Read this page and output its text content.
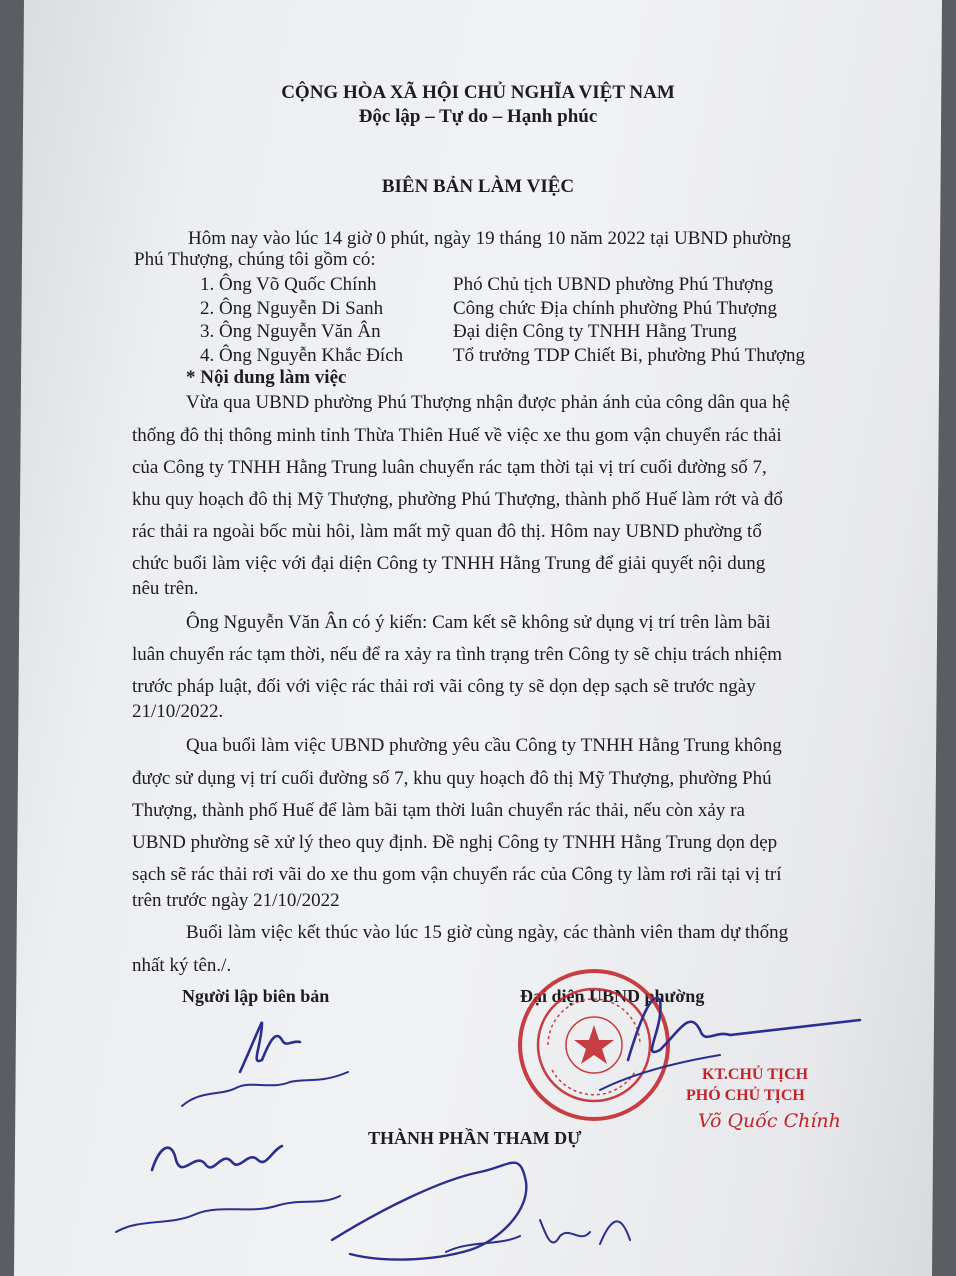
CỘNG HÒA XÃ HỘI CHỦ NGHĨA VIỆT NAM
Độc lập – Tự do – Hạnh phúc
BIÊN BẢN LÀM VIỆC
Hôm nay vào lúc 14 giờ 0 phút, ngày 19 tháng 10 năm 2022 tại UBND phường
Phú Thượng, chúng tôi gồm có:
1. Ông Võ Quốc Chính	Phó Chủ tịch UBND phường Phú Thượng
2. Ông Nguyễn Di Sanh	Công chức Địa chính phường Phú Thượng
3. Ông Nguyễn Văn Ân	Đại diện Công ty TNHH Hằng Trung
4. Ông Nguyễn Khắc Đích	Tổ trưởng TDP Chiết Bi, phường Phú Thượng
* Nội dung làm việc
Vừa qua UBND phường Phú Thượng nhận được phản ánh của công dân qua hệ
thống đô thị thông minh tỉnh Thừa Thiên Huế về việc xe thu gom vận chuyển rác thải
của Công ty TNHH Hằng Trung luân chuyển rác tạm thời tại vị trí cuối đường số 7,
khu quy hoạch đô thị Mỹ Thượng, phường Phú Thượng, thành phố Huế làm rớt và đổ
rác thải ra ngoài bốc mùi hôi, làm mất mỹ quan đô thị. Hôm nay UBND phường tổ
chức buổi làm việc với đại diện Công ty TNHH Hằng Trung để giải quyết nội dung
nêu trên.
Ông Nguyễn Văn Ân có ý kiến: Cam kết sẽ không sử dụng vị trí trên làm bãi
luân chuyển rác tạm thời, nếu để ra xảy ra tình trạng trên Công ty sẽ chịu trách nhiệm
trước pháp luật, đối với việc rác thải rơi vãi công ty sẽ dọn dẹp sạch sẽ trước ngày
21/10/2022.
Qua buổi làm việc UBND phường yêu cầu Công ty TNHH Hằng Trung không
được sử dụng vị trí cuối đường số 7, khu quy hoạch đô thị Mỹ Thượng, phường Phú
Thượng, thành phố Huế để làm bãi tạm thời luân chuyển rác thải, nếu còn xảy ra
UBND phường sẽ xử lý theo quy định. Đề nghị Công ty TNHH Hằng Trung dọn dẹp
sạch sẽ rác thải rơi vãi do xe thu gom vận chuyển rác của Công ty làm rơi rãi tại vị trí
trên trước ngày 21/10/2022
Buổi làm việc kết thúc vào lúc 15 giờ cùng ngày, các thành viên tham dự thống
nhất ký tên./.
Người lập biên bản	Đại diện UBND phường
THÀNH PHẦN THAM DỰ
KT.CHỦ TỊCH
PHÓ CHỦ TỊCH
Võ Quốc Chính
